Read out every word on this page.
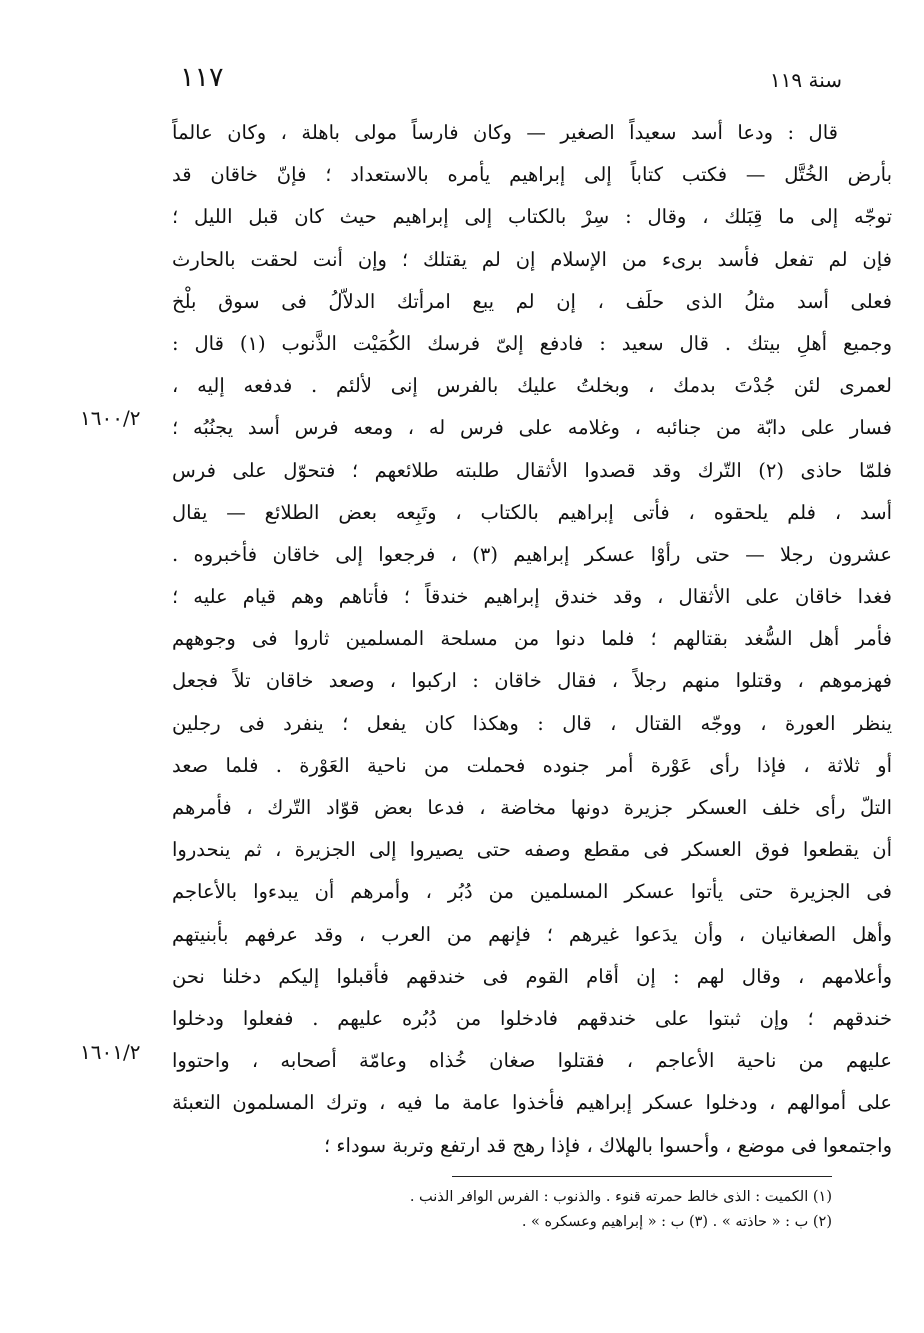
١١٧	سنة ١١٩
قال : ودعا أسد سعيداً الصغير — وكان فارساً مولى باهلة ، وكان عالماً
بأرض الخُتَّل — فكتب كتاباً إلى إبراهيم يأمره بالاستعداد ؛ فإنّ خاقان قد
توجّه إلى ما قِبَلك ، وقال : سِرْ بالكتاب إلى إبراهيم حيث كان قبل الليل ؛
فإن لم تفعل فأسد برىء من الإسلام إن لم يقتلك ؛ وإن أنت لحقت بالحارث
فعلى أسد مثلُ الذى حلَف ، إن لم يبع امرأتك الدلاّلُ فى سوق بلْخ
وجميع أهلِ بيتك . قال سعيد : فادفع إلىّ فرسك الكُمَيْت الذَّنوب (١) قال :
لعمرى لئن جُدْتَ بدمك ، وبخلتُ عليك بالفرس إنى لألئم . فدفعه إليه ،
فسار على دابّة من جنائبه ، وغلامه على فرس له ، ومعه فرس أسد يجنُبُه ؛
فلمّا حاذى (٢) التّرك وقد قصدوا الأثقال طلبته طلائعهم ؛ فتحوّل على فرس
أسد ، فلم يلحقوه ، فأتى إبراهيم بالكتاب ، وتَبِعه بعض الطلائع — يقال
عشرون رجلا — حتى رأوْا عسكر إبراهيم (٣) ، فرجعوا إلى خاقان فأخبروه .
فغدا خاقان على الأثقال ، وقد خندق إبراهيم خندقاً ؛ فأتاهم وهم قيام عليه ؛
فأمر أهل السُّغد بقتالهم ؛ فلما دنوا من مسلحة المسلمين ثاروا فى وجوههم
فهزموهم ، وقتلوا منهم رجلاً ، فقال خاقان : اركبوا ، وصعد خاقان تلاً فجعل
ينظر العورة ، ووجّه القتال ، قال : وهكذا كان يفعل ؛ ينفرد فى رجلين
أو ثلاثة ، فإذا رأى عَوْرة أمر جنوده فحملت من ناحية العَوْرة . فلما صعد
التلّ رأى خلف العسكر جزيرة دونها مخاضة ، فدعا بعض قوّاد التّرك ، فأمرهم
أن يقطعوا فوق العسكر فى مقطع وصفه حتى يصيروا إلى الجزيرة ، ثم ينحدروا
فى الجزيرة حتى يأتوا عسكر المسلمين من دُبُر ، وأمرهم أن يبدءوا بالأعاجم
وأهل الصغانيان ، وأن يدَعوا غيرهم ؛ فإنهم من العرب ، وقد عرفهم بأبنيتهم
وأعلامهم ، وقال لهم : إن أقام القوم فى خندقهم فأقبلوا إليكم دخلنا نحن
خندقهم ؛ وإن ثبتوا على خندقهم فادخلوا من دُبُره عليهم . ففعلوا ودخلوا
عليهم من ناحية الأعاجم ، فقتلوا صغان خُذاه وعامّة أصحابه ، واحتووا
على أموالهم ، ودخلوا عسكر إبراهيم فأخذوا عامة ما فيه ، وترك المسلمون التعبئة
واجتمعوا فى موضع ، وأحسوا بالهلاك ، فإذا رهج قد ارتفع وتربة سوداء ؛
١٦٠٠/٢
١٦٠١/٢
(١) الكميت : الذى خالط حمرته قنوء . والذنوب : الفرس الوافر الذنب .
(٢) ب : « حاذته » . (٣) ب : « إبراهيم وعسكره » .
